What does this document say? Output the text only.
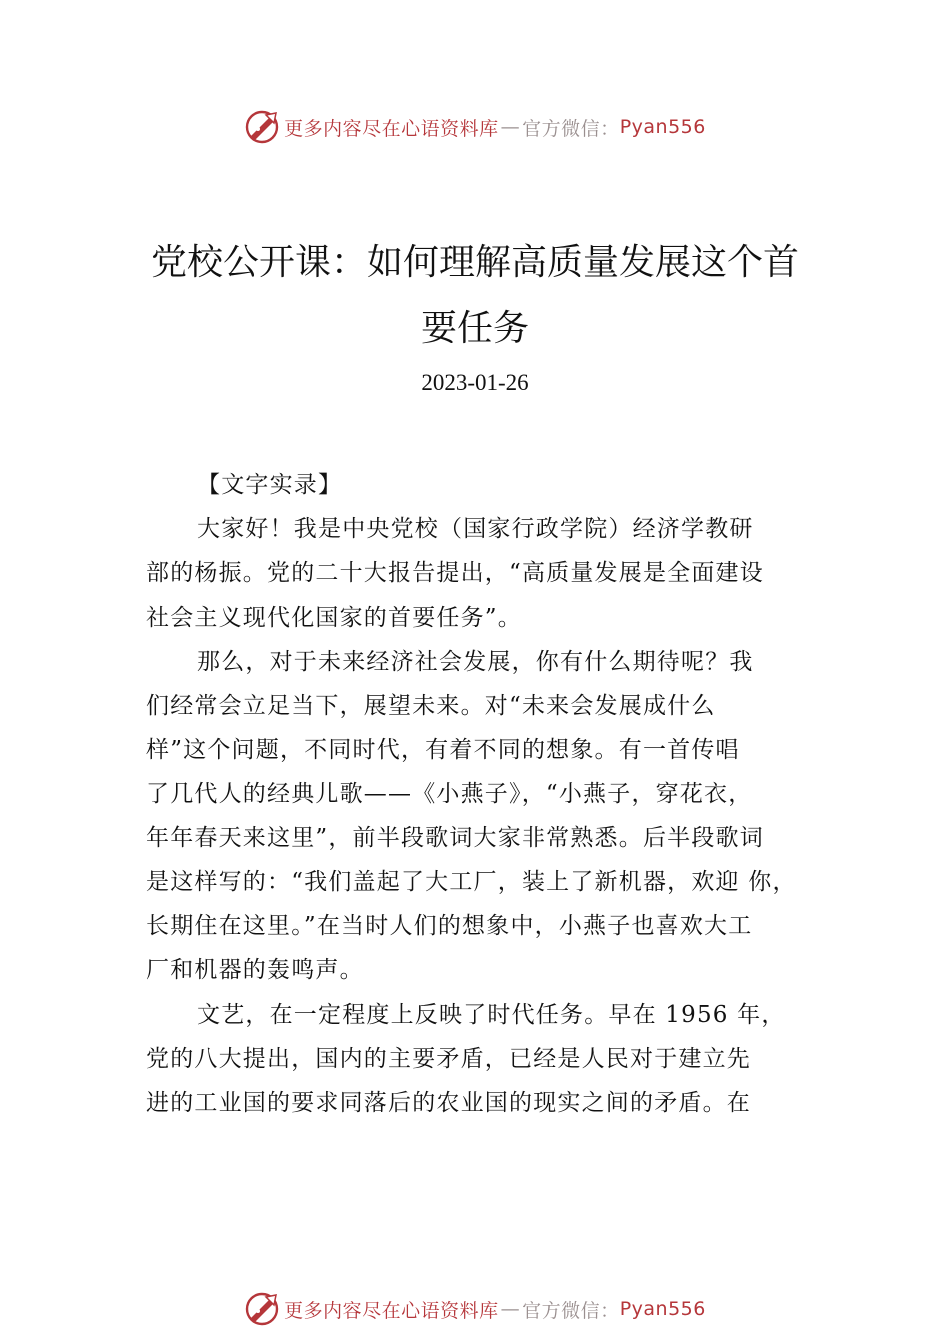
更多内容尽在心语资料库 — 官方微信： Pyan556
党校公开课：如何理解高质量发展这个首
要任务
2023-01-26
【文字实录】
大家好！我是中央党校（国家行政学院）经济学教研
部的杨振。党的二十大报告提出，“高质量发展是全面建设
社会主义现代化国家的首要任务”。
那么，对于未来经济社会发展，你有什么期待呢？我
们经常会立足当下，展望未来。对“未来会发展成什么
样”这个问题，不同时代，有着不同的想象。有一首传唱
了几代人的经典儿歌——《小燕子》，“小燕子，穿花衣，
年年春天来这里”，前半段歌词大家非常熟悉。后半段歌词
是这样写的：“我们盖起了大工厂，装上了新机器，欢迎 你，
长期住在这里。”在当时人们的想象中，小燕子也喜欢大工
厂和机器的轰鸣声。
文艺，在一定程度上反映了时代任务。早在 1956 年，
党的八大提出，国内的主要矛盾，已经是人民对于建立先
进的工业国的要求同落后的农业国的现实之间的矛盾。在
更多内容尽在心语资料库 — 官方微信： Pyan556
